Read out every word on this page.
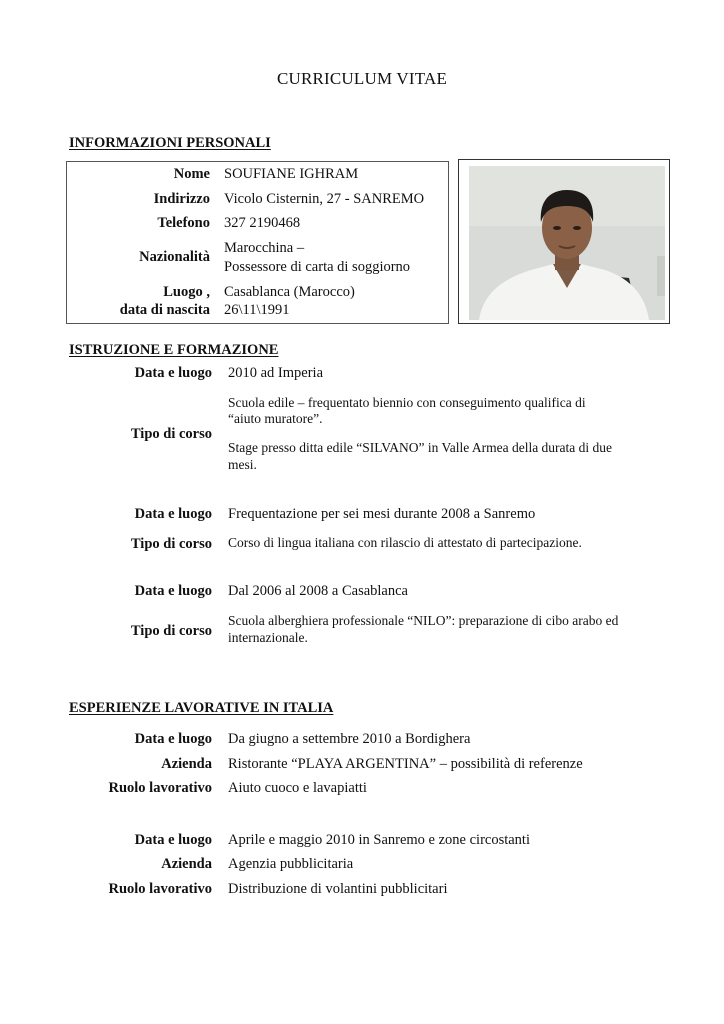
CURRICULUM VITAE
INFORMAZIONI PERSONALI
Nome SOUFIANE IGHRAM
Indirizzo Vicolo Cisternin, 27 - SANREMO
Telefono 327 2190468
Nazionalità
Marocchina –
Possessore di carta di soggiorno
Luogo ,
data di nascita
Casablanca (Marocco)
26\11\1991
ISTRUZIONE E FORMAZIONE
Data e luogo 2010 ad Imperia
Tipo di corso
Scuola edile – frequentato biennio con conseguimento qualifica di
“aiuto muratore”.
Stage presso ditta edile “SILVANO” in Valle Armea della durata di due
mesi.
Data e luogo Frequentazione per sei mesi durante 2008 a Sanremo
Tipo di corso Corso di lingua italiana con rilascio di attestato di partecipazione.
Data e luogo Dal 2006 al 2008 a Casablanca
Tipo di corso
Scuola alberghiera professionale “NILO”: preparazione di cibo arabo ed
internazionale.
ESPERIENZE LAVORATIVE IN ITALIA
Data e luogo Da giugno a settembre 2010 a Bordighera
Azienda Ristorante “PLAYA ARGENTINA” – possibilità di referenze
Ruolo lavorativo Aiuto cuoco e lavapiatti
Data e luogo Aprile e maggio 2010 in Sanremo e zone circostanti
Azienda Agenzia pubblicitaria
Ruolo lavorativo Distribuzione di volantini pubblicitari
